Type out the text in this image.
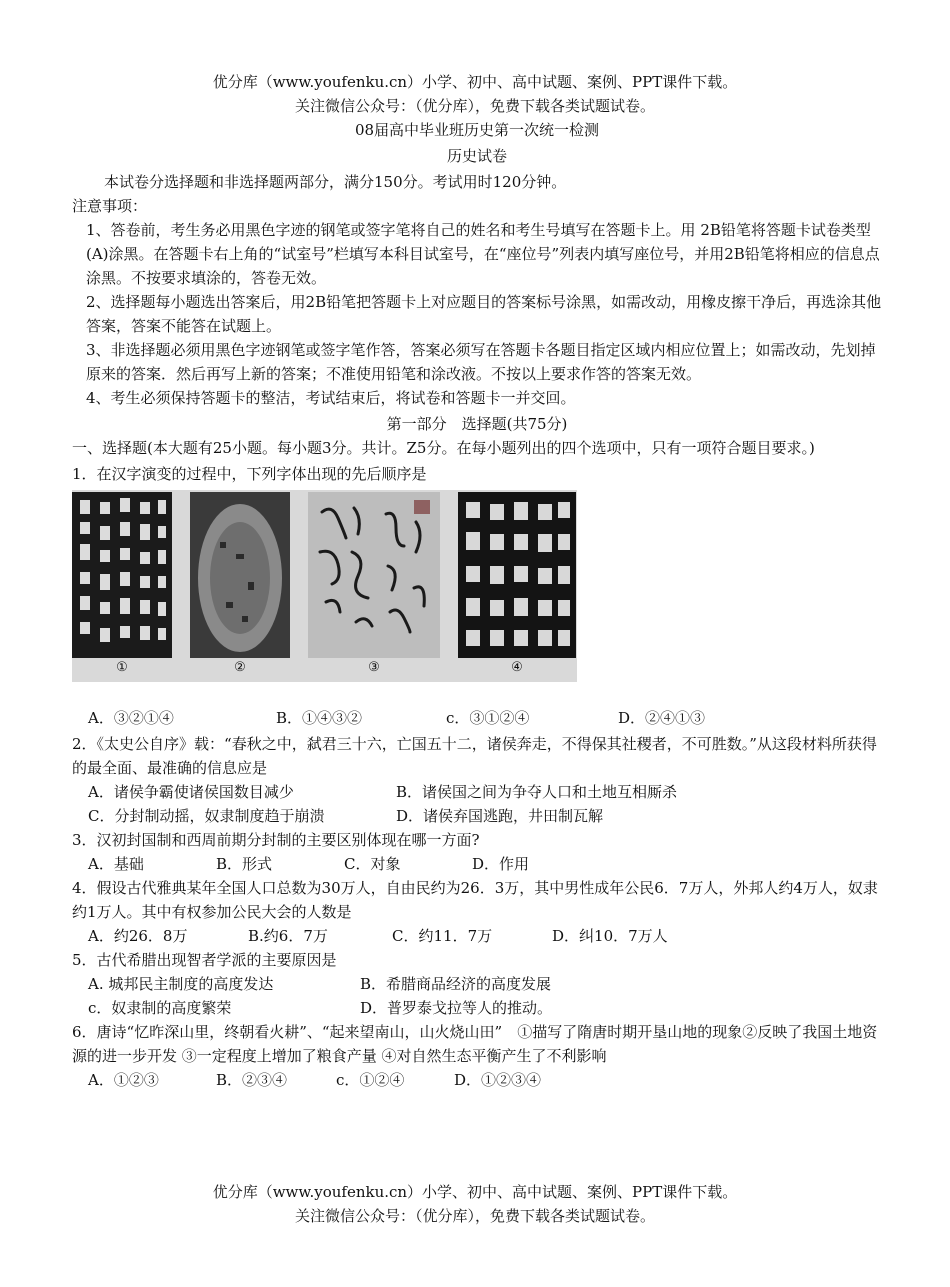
优分库（www.youfenku.cn）小学、初中、高中试题、案例、PPT课件下载。
关注微信公众号：（优分库），免费下载各类试题试卷。
08届高中毕业班历史第一次统一检测
历史试卷
本试卷分选择题和非选择题两部分，满分150分。考试用时120分钟。
注意事项：
1、答卷前，考生务必用黑色字迹的钢笔或签字笔将自己的姓名和考生号填写在答题卡上。用 2B铅笔将答题卡试卷类型(A)涂黑。在答题卡右上角的“试室号”栏填写本科目试室号，在“座位号”列表内填写座位号，并用2B铅笔将相应的信息点涂黑。不按要求填涂的，答卷无效。
2、选择题每小题选出答案后，用2B铅笔把答题卡上对应题目的答案标号涂黑，如需改动，用橡皮擦干净后，再选涂其他答案，答案不能答在试题上。
3、非选择题必须用黑色字迹钢笔或签字笔作答，答案必须写在答题卡各题目指定区域内相应位置上；如需改动，先划掉原来的答案．然后再写上新的答案；不准使用铅笔和涂改液。不按以上要求作答的答案无效。
4、考生必须保持答题卡的整洁，考试结束后，将试卷和答题卡一并交回。
第一部分　选择题(共75分)
一、选择题(本大题有25小题。每小题3分。共计。Z5分。在每小题列出的四个选项中，只有一项符合题目要求。)
1．在汉字演变的过程中，下列字体出现的先后顺序是
①	②	③	④
A．③②①④	B．①④③②	c．③①②④	D．②④①③
2．《太史公自序》载：“春秋之中，弑君三十六，亡国五十二，诸侯奔走，不得保其社稷者，不可胜数。”从这段材料所获得的最全面、最准确的信息应是
A．诸侯争霸使诸侯国数目减少	B．诸侯国之间为争夺人口和土地互相厮杀
C．分封制动摇，奴隶制度趋于崩溃	D．诸侯弃国逃跑，井田制瓦解
3．汉初封国制和西周前期分封制的主要区别体现在哪一方面?
A．基础	B．形式	C．对象	D．作用
4．假设古代雅典某年全国人口总数为30万人，自由民约为26．3万，其中男性成年公民6．7万人，外邦人约4万人，奴隶约1万人。其中有权参加公民大会的人数是
A．约26．8万	B.约6．7万	C．约11．7万	D．纠10．7万人
5．古代希腊出现智者学派的主要原因是
A. 城邦民主制度的高度发达	B．希腊商品经济的高度发展
c．奴隶制的高度繁荣	D．普罗泰戈拉等人的推动。
6．唐诗“忆昨深山里，终朝看火耕”、“起来望南山，山火烧山田”　①描写了隋唐时期开垦山地的现象②反映了我国土地资源的进一步开发 ③一定程度上增加了粮食产量 ④对自然生态平衡产生了不利影响
A．①②③	B．②③④	c．①②④	D．①②③④
优分库（www.youfenku.cn）小学、初中、高中试题、案例、PPT课件下载。
关注微信公众号：（优分库），免费下载各类试题试卷。
